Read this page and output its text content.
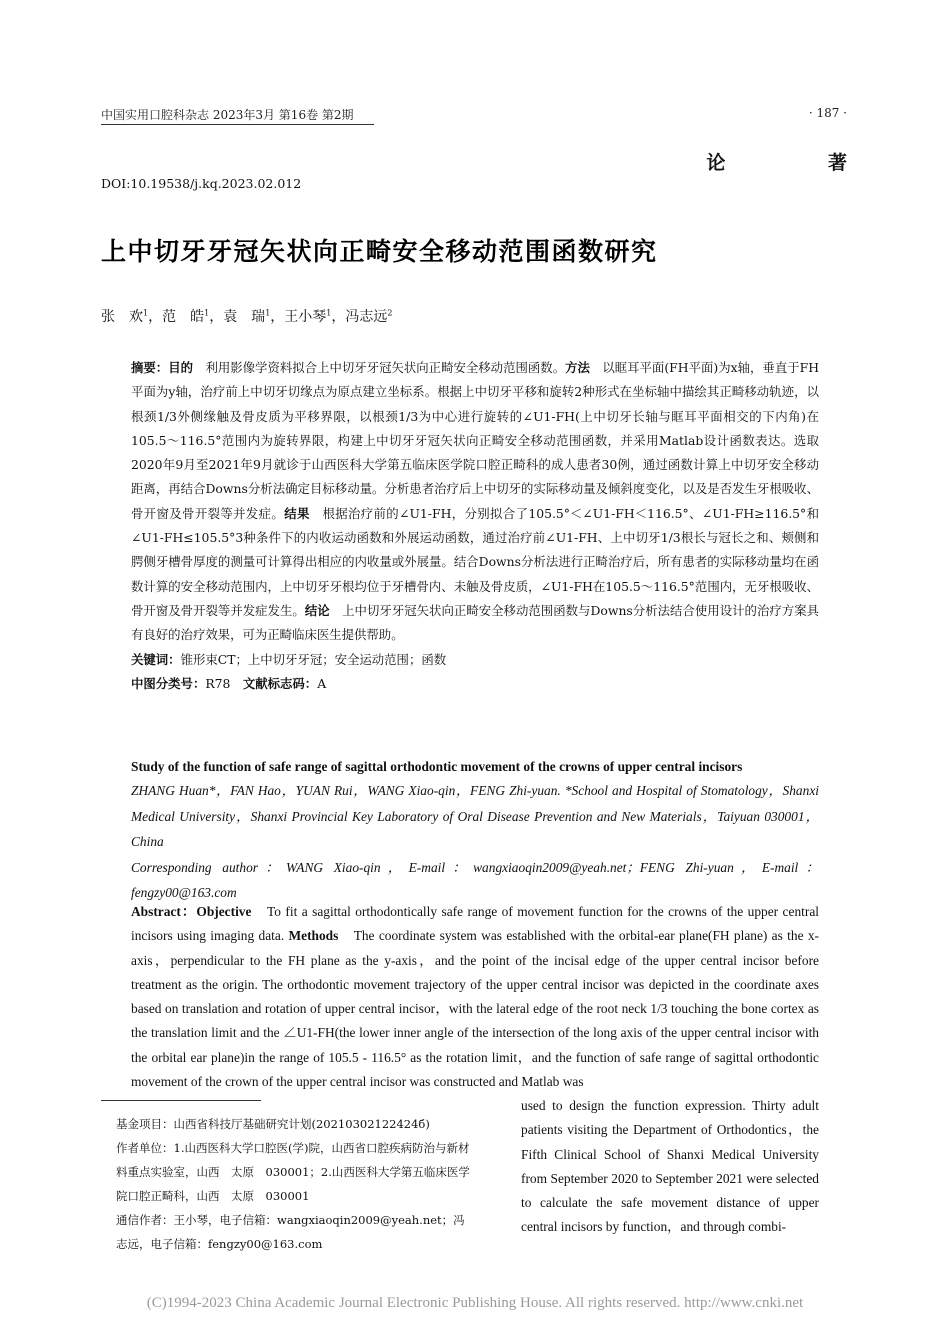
中国实用口腔科杂志 2023年3月 第16卷 第2期	· 187 ·
论 著
DOI:10.19538/j.kq.2023.02.012
上中切牙牙冠矢状向正畸安全移动范围函数研究
张　欢$^1$，范　皓$^1$，袁　瑞$^1$，王小琴$^1$，冯志远$^2$
摘要：目的　 利用影像学资料拟合上中切牙牙冠矢状向正畸安全移动范围函数。方法　 以眶耳平面(FH平面)为x轴，垂直于FH平面为y轴，治疗前上中切牙切缘点为原点建立坐标系。根据上中切牙平移和旋转2种形式在坐标轴中描绘其正畸移动轨迹，以根颈1/3外侧缘触及骨皮质为平移界限，以根颈1/3为中心进行旋转的∠U1-FH(上中切牙长轴与眶耳平面相交的下内角)在105.5～116.5°范围内为旋转界限，构建上中切牙牙冠矢状向正畸安全移动范围函数，并采用Matlab设计函数表达。选取2020年9月至2021年9月就诊于山西医科大学第五临床医学院口腔正畸科的成人患者30例，通过函数计算上中切牙安全移动距离，再结合Downs分析法确定目标移动量。分析患者治疗后上中切牙的实际移动量及倾斜度变化，以及是否发生牙根吸收、骨开窗及骨开裂等并发症。结果　 根据治疗前的∠U1-FH，分别拟合了105.5°＜∠U1-FH＜116.5°、∠U1-FH≥116.5°和∠U1-FH≤105.5°3种条件下的内收运动函数和外展运动函数，通过治疗前∠U1-FH、上中切牙1/3根长与冠长之和、颊侧和腭侧牙槽骨厚度的测量可计算得出相应的内收量或外展量。结合Downs分析法进行正畸治疗后，所有患者的实际移动量均在函数计算的安全移动范围内，上中切牙牙根均位于牙槽骨内、未触及骨皮质，∠U1-FH在105.5～116.5°范围内，无牙根吸收、骨开窗及骨开裂等并发症发生。结论　 上中切牙牙冠矢状向正畸安全移动范围函数与Downs分析法结合使用设计的治疗方案具有良好的治疗效果，可为正畸临床医生提供帮助。
关键词：锥形束CT；上中切牙牙冠；安全运动范围；函数
中图分类号：R78　 文献标志码：A
Study of the function of safe range of sagittal orthodontic movement of the crowns of upper central incisors
ZHANG Huan*，FAN Hao，YUAN Rui，WANG Xiao-qin，FENG Zhi-yuan. *School and Hospital of Stomatology，Shanxi Medical University，Shanxi Provincial Key Laboratory of Oral Disease Prevention and New Materials，Taiyuan 030001，China
Corresponding author：WANG Xiao-qin，E-mail：wangxiaoqin2009@yeah.net；FENG Zhi-yuan，E-mail：fengzy00@163.com
Abstract：Objective　 To fit a sagittal orthodontically safe range of movement function for the crowns of the upper central incisors using imaging data. Methods　 The coordinate system was established with the orbital-ear plane(FH plane) as the x-axis，perpendicular to the FH plane as the y-axis，and the point of the incisal edge of the upper central incisor before treatment as the origin. The orthodontic movement trajectory of the upper central incisor was depicted in the coordinate axes based on translation and rotation of upper central incisor，with the lateral edge of the root neck 1/3 touching the bone cortex as the translation limit and the ∠U1-FH(the lower inner angle of the intersection of the long axis of the upper central incisor with the orbital ear plane)in the range of 105.5 - 116.5° as the rotation limit，and the function of safe range of sagittal orthodontic movement of the crown of the upper central incisor was constructed and Matlab was

基金项目：山西省科技厅基础研究计划(20210302122424б)

作者单位：1.山西医科大学口腔医(学)院，山西省口腔疾病防治与新材料重点实验室，山西　太原　030001；2.山西医科大学第五临床医学院口腔正畸科，山西　太原　030001

通信作者：王小琴，电子信箱：wangxiaoqin2009@yeah.net；冯志远，电子信箱：fengzy00@163.com

used to design the function expression. Thirty adult patients visiting the Department of Orthodontics，the Fifth Clinical School of Shanxi Medical University from September 2020 to September 2021 were selected to calculate the safe movement distance of upper central incisors by function，and through combi-
(C)1994-2023 China Academic Journal Electronic Publishing House. All rights reserved. http://www.cnki.net
